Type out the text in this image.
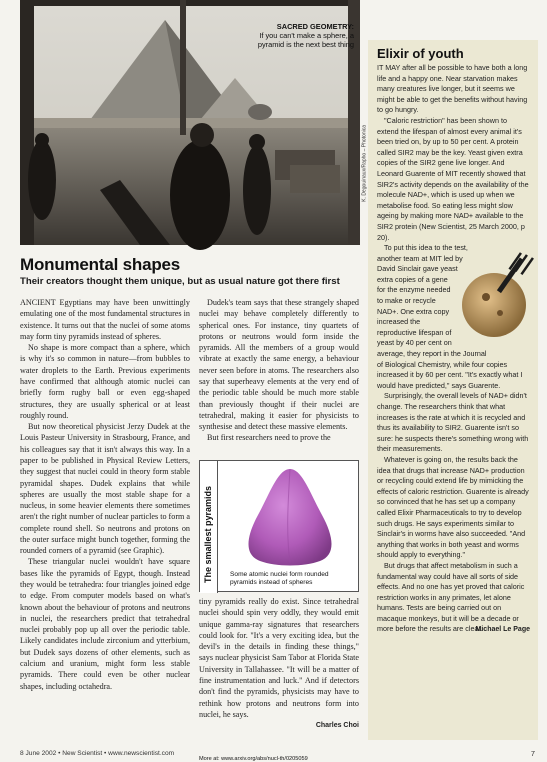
SACRED GEOMETRY:
If you can't make a sphere, a pyramid is the next best thing
K. Degouinaux/Rapho – Photonica
Monumental shapes
Their creators thought them unique, but as usual nature got there first

ANCIENT Egyptians may have been unwittingly emulating one of the most fundamental structures in existence. It turns out that the nuclei of some atoms may form tiny pyramids instead of spheres.

No shape is more compact than a sphere, which is why it's so common in nature—from bubbles to water droplets to the Earth. Previous experiments have confirmed that although atomic nuclei can briefly form rugby ball or even egg-shaped structures, they are usually spherical or at least roughly round.

But now theoretical physicist Jerzy Dudek at the Louis Pasteur University in Strasbourg, France, and his colleagues say that it isn't always this way. In a paper to be published in Physical Review Letters, they suggest that nuclei could in theory form stable pyramidal shapes. Dudek explains that while spheres are usually the most stable shape for a nucleus, in some heavier elements there sometimes aren't the right number of nuclear particles to form a complete round shell. So neutrons and protons on the outer surface might bunch together, forming the rounded corners of a pyramid (see Graphic).

These triangular nuclei wouldn't have square bases like the pyramids of Egypt, though. Instead they would be tetrahedra: four triangles joined edge to edge. From computer models based on what's known about the behaviour of protons and neutrons in nuclei, the researchers predict that tetrahedral nuclei probably pop up all over the periodic table. Likely candidates include zirconium and ytterbium, but Dudek says dozens of other elements, such as calcium and uranium, might form less stable pyramids. There could even be other nuclear shapes, including octahedra.

Dudek's team says that these strangely shaped nuclei may behave completely differently to spherical ones. For instance, tiny quartets of protons or neutrons would form inside the pyramids. All the members of a group would vibrate at exactly the same energy, a behaviour never seen before in atoms. The researchers also say that superheavy elements at the very end of the periodic table should be much more stable than previously thought if their nuclei are tetrahedral, making it easier for physicists to synthesise and detect these massive elements.

But first researchers need to prove the

The smallest pyramids	Some atomic nuclei form rounded pyramids instead of spheres

tiny pyramids really do exist. Since tetrahedral nuclei should spin very oddly, they would emit unique gamma-ray signatures that researchers could look for. "It's a very exciting idea, but the devil's in the details in finding these things," says nuclear physicist Sam Tabor at Florida State University in Tallahassee. "It will be a matter of fine instrumentation and luck." And if detectors don't find the pyramids, physicists may have to rethink how protons and neutrons form into nuclei, he says.

Charles Choi
More at: www.arxiv.org/abs/nucl-th/0205059
Elixir of youth

IT MAY after all be possible to have both a long life and a happy one. Near starvation makes many creatures live longer, but it seems we might be able to get the benefits without having to go hungry.

"Caloric restriction" has been shown to extend the lifespan of almost every animal it's been tried on, by up to 50 per cent. A protein called SIR2 may be the key. Yeast given extra copies of the SIR2 gene live longer. And Leonard Guarente of MIT recently showed that SIR2's activity depends on the availability of the molecule NAD+, which is used up when we metabolise food. So eating less might slow ageing by making more NAD+ available to the SIR2 protein (New Scientist, 25 March 2000, p 20).

To put this idea to the test, another team at MIT led by David Sinclair gave yeast extra copies of a gene for the enzyme needed to make or recycle NAD+. One extra copy increased the reproductive lifespan of yeast by 40 per cent on average, they report in the Journal of Biological Chemistry, while four copies increased it by 60 per cent. "It's exactly what I would have predicted," says Guarente.

Surprisingly, the overall levels of NAD+ didn't change. The researchers think that what increases is the rate at which it is recycled and thus its availability to SIR2. Guarente isn't so sure: he suspects there's something wrong with their measurements.

Whatever is going on, the results back the idea that drugs that increase NAD+ production or recycling could extend life by mimicking the effects of caloric restriction. Guarente is already so convinced that he has set up a company called Elixir Pharmaceuticals to try to develop such drugs. He says experiments similar to Sinclair's in worms have also succeeded. "And anything that works in both yeast and worms should apply to everything."

But drugs that affect metabolism in such a fundamental way could have all sorts of side effects. And no one has yet proved that caloric restriction works in any primates, let alone humans. Tests are being carried out on macaque monkeys, but it will be a decade or more before the results are clear.

Michael Le Page
8 June 2002 • New Scientist • www.newscientist.com	7
